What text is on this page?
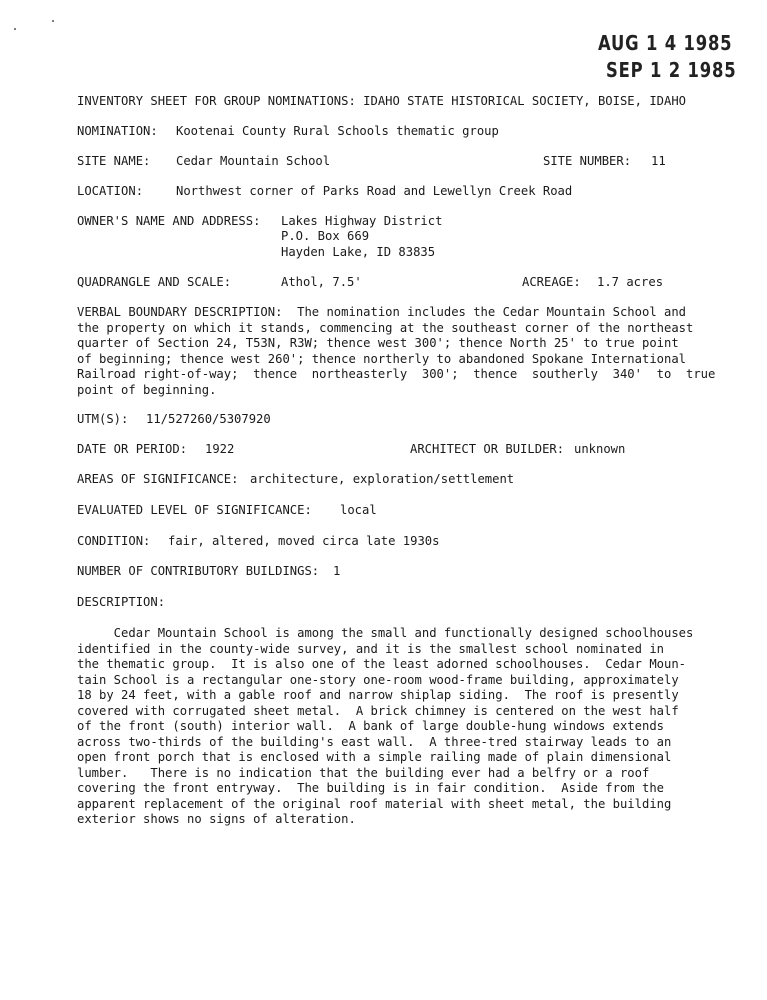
AUG 1 4 1985
SEP 1 2 1985
INVENTORY SHEET FOR GROUP NOMINATIONS: IDAHO STATE HISTORICAL SOCIETY, BOISE, IDAHO
NOMINATION: Kootenai County Rural Schools thematic group
SITE NAME: Cedar Mountain School	SITE NUMBER: 11
LOCATION:	Northwest corner of Parks Road and Lewellyn Creek Road
OWNER'S NAME AND ADDRESS: Lakes Highway District
P.O. Box 669
Hayden Lake, ID 83835
QUADRANGLE AND SCALE:	Athol, 7.5'	ACREAGE: 1.7 acres
VERBAL BOUNDARY DESCRIPTION:  The nomination includes the Cedar Mountain School and
the property on which it stands, commencing at the southeast corner of the northeast
quarter of Section 24, T53N, R3W; thence west 300'; thence North 25' to true point
of beginning; thence west 260'; thence northerly to abandoned Spokane International
Railroad right-of-way;  thence  northeasterly  300';  thence  southerly  340'  to  true
point of beginning.
UTM(S): 11/527260/5307920
DATE OR PERIOD: 1922	ARCHITECT OR BUILDER: unknown
AREAS OF SIGNIFICANCE: architecture, exploration/settlement
EVALUATED LEVEL OF SIGNIFICANCE: local
CONDITION: fair, altered, moved circa late 1930s
NUMBER OF CONTRIBUTORY BUILDINGS: 1
DESCRIPTION:
Cedar Mountain School is among the small and functionally designed schoolhouses
identified in the county-wide survey, and it is the smallest school nominated in
the thematic group.  It is also one of the least adorned schoolhouses.  Cedar Moun-
tain School is a rectangular one-story one-room wood-frame building, approximately
18 by 24 feet, with a gable roof and narrow shiplap siding.  The roof is presently
covered with corrugated sheet metal.  A brick chimney is centered on the west half
of the front (south) interior wall.  A bank of large double-hung windows extends
across two-thirds of the building's east wall.  A three-tred stairway leads to an
open front porch that is enclosed with a simple railing made of plain dimensional
lumber.   There is no indication that the building ever had a belfry or a roof
covering the front entryway.  The building is in fair condition.  Aside from the
apparent replacement of the original roof material with sheet metal, the building
exterior shows no signs of alteration.
